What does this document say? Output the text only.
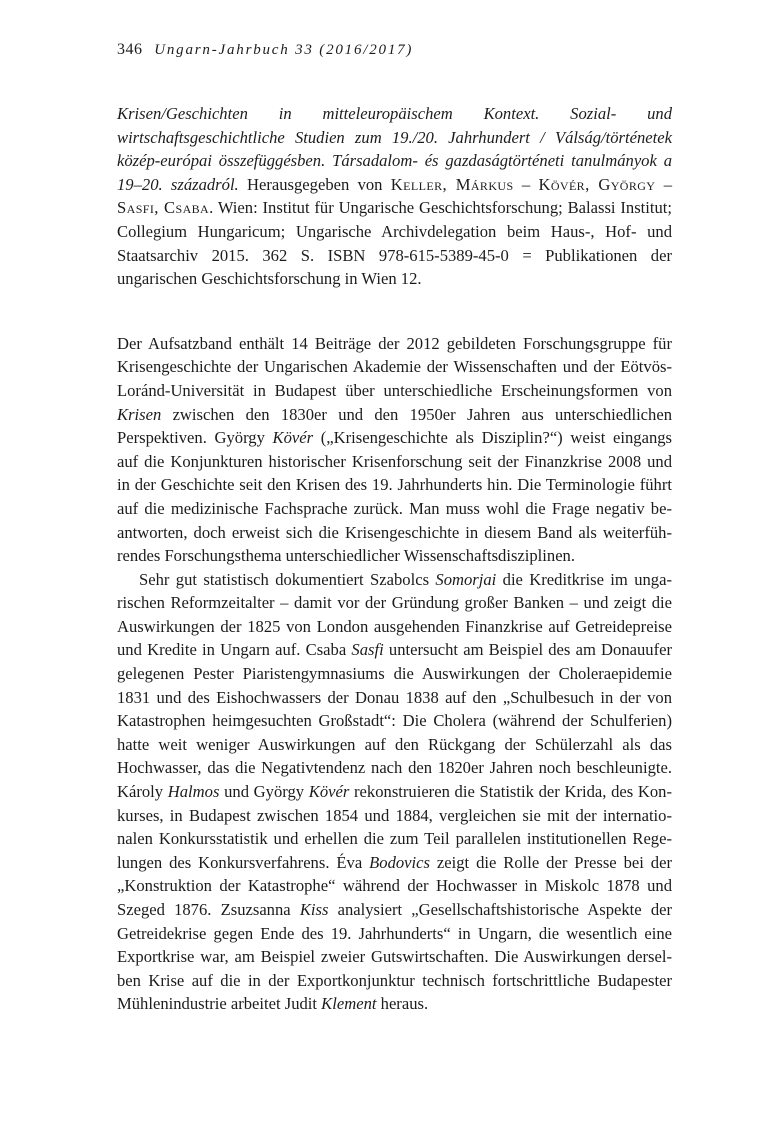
346 Ungarn-Jahrbuch 33 (2016/2017)

Krisen/Geschichten in mitteleuropäischem Kontext. Sozial- und wirtschaftsgeschichtliche Studien zum 19./20. Jahrhundert / Válság/történetek közép-európai összefüggésben. Társadalom- és gazdaságtörténeti tanulmányok a 19–20. századról. Herausgegeben von Keller, Márkus – Kövér, György – Sasfi, Csaba. Wien: Institut für Ungarische Geschichtsforschung; Balassi Institut; Collegium Hungaricum; Ungarische Archivdelegation beim Haus-, Hof- und Staatsarchiv 2015. 362 S. ISBN 978-615-5389-45-0 = Publikationen der ungarischen Geschichtsforschung in Wien 12.

Der Aufsatzband enthält 14 Beiträge der 2012 gebildeten Forschungsgruppe für Krisengeschichte der Ungarischen Akademie der Wissenschaften und der Eötvös-Loránd-Universität in Budapest über unterschiedliche Erscheinungsformen von Krisen zwischen den 1830er und den 1950er Jahren aus unterschiedlichen Perspektiven. György Kövér („Krisengeschichte als Disziplin?“) weist eingangs auf die Konjunkturen historischer Krisenforschung seit der Finanzkrise 2008 und in der Geschichte seit den Krisen des 19. Jahrhunderts hin. Die Terminologie führt auf die medizinische Fachsprache zurück. Man muss wohl die Frage negativ beantworten, doch erweist sich die Krisengeschichte in diesem Band als weiterführendes Forschungsthema unterschiedlicher Wissenschaftsdisziplinen.

Sehr gut statistisch dokumentiert Szabolcs Somorjai die Kreditkrise im ungarischen Reformzeitalter – damit vor der Gründung großer Banken – und zeigt die Auswirkungen der 1825 von London ausgehenden Finanzkrise auf Getreidepreise und Kredite in Ungarn auf. Csaba Sasfi untersucht am Beispiel des am Donauufer gelegenen Pester Piaristengymnasiums die Auswirkungen der Choleraepidemie 1831 und des Eishochwassers der Donau 1838 auf den „Schulbesuch in der von Katastrophen heimgesuchten Großstadt“: Die Cholera (während der Schulferien) hatte weit weniger Auswirkungen auf den Rückgang der Schülerzahl als das Hochwasser, das die Negativtendenz nach den 1820er Jahren noch beschleunigte. Károly Halmos und György Kövér rekonstruieren die Statistik der Krida, des Konkurses, in Budapest zwischen 1854 und 1884, vergleichen sie mit der internationalen Konkursstatistik und erhellen die zum Teil parallelen institutionellen Regelungen des Konkursverfahrens. Éva Bodovics zeigt die Rolle der Presse bei der „Konstruktion der Katastrophe“ während der Hochwasser in Miskolc 1878 und Szeged 1876. Zsuzsanna Kiss analysiert „Gesellschaftshistorische Aspekte der Getreidekrise gegen Ende des 19. Jahrhunderts“ in Ungarn, die wesentlich eine Exportkrise war, am Beispiel zweier Gutswirtschaften. Die Auswirkungen derselben Krise auf die in der Exportkonjunktur technisch fortschrittliche Budapester Mühlenindustrie arbeitet Judit Klement heraus.
